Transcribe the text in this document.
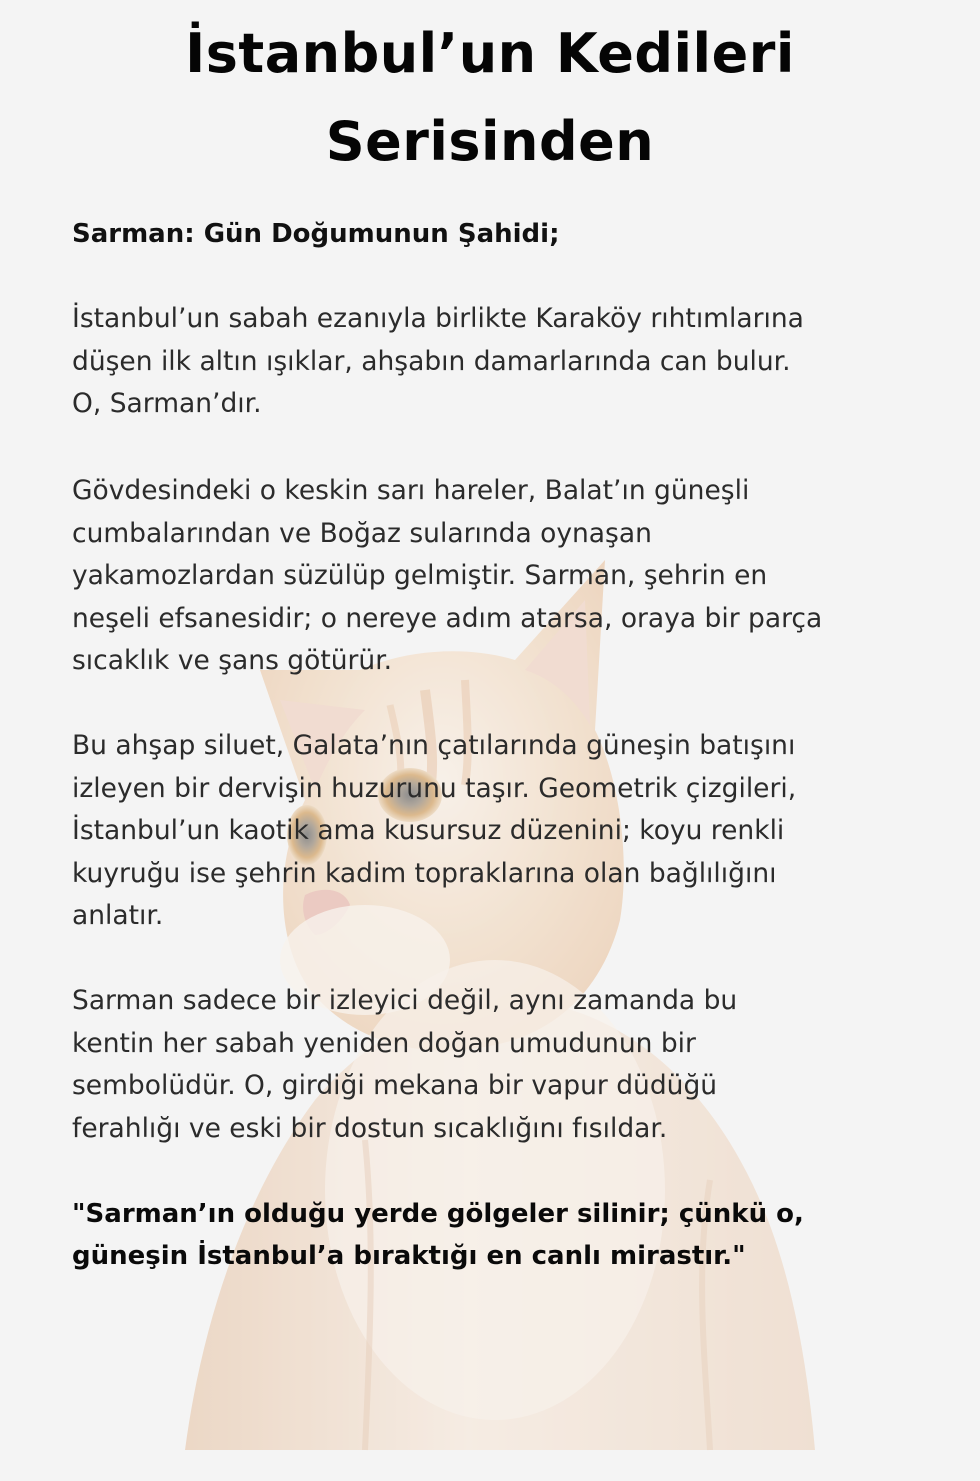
İstanbul’un Kedileri
Serisinden
Sarman: Gün Doğumunun Şahidi;

İstanbul’un sabah ezanıyla birlikte Karaköy rıhtımlarına
düşen ilk altın ışıklar, ahşabın damarlarında can bulur.
O, Sarman’dır.

Gövdesindeki o keskin sarı hareler, Balat’ın güneşli
cumbalarından ve Boğaz sularında oynaşan
yakamozlardan süzülüp gelmiştir. Sarman, şehrin en
neşeli efsanesidir; o nereye adım atarsa, oraya bir parça
sıcaklık ve şans götürür.

Bu ahşap siluet, Galata’nın çatılarında güneşin batışını
izleyen bir dervişin huzurunu taşır. Geometrik çizgileri,
İstanbul’un kaotik ama kusursuz düzenini; koyu renkli
kuyruğu ise şehrin kadim topraklarına olan bağlılığını
anlatır.

Sarman sadece bir izleyici değil, aynı zamanda bu
kentin her sabah yeniden doğan umudunun bir
sembolüdür. O, girdiği mekana bir vapur düdüğü
ferahlığı ve eski bir dostun sıcaklığını fısıldar.

"Sarman’ın olduğu yerde gölgeler silinir; çünkü o,
güneşin İstanbul’a bıraktığı en canlı mirastır."
